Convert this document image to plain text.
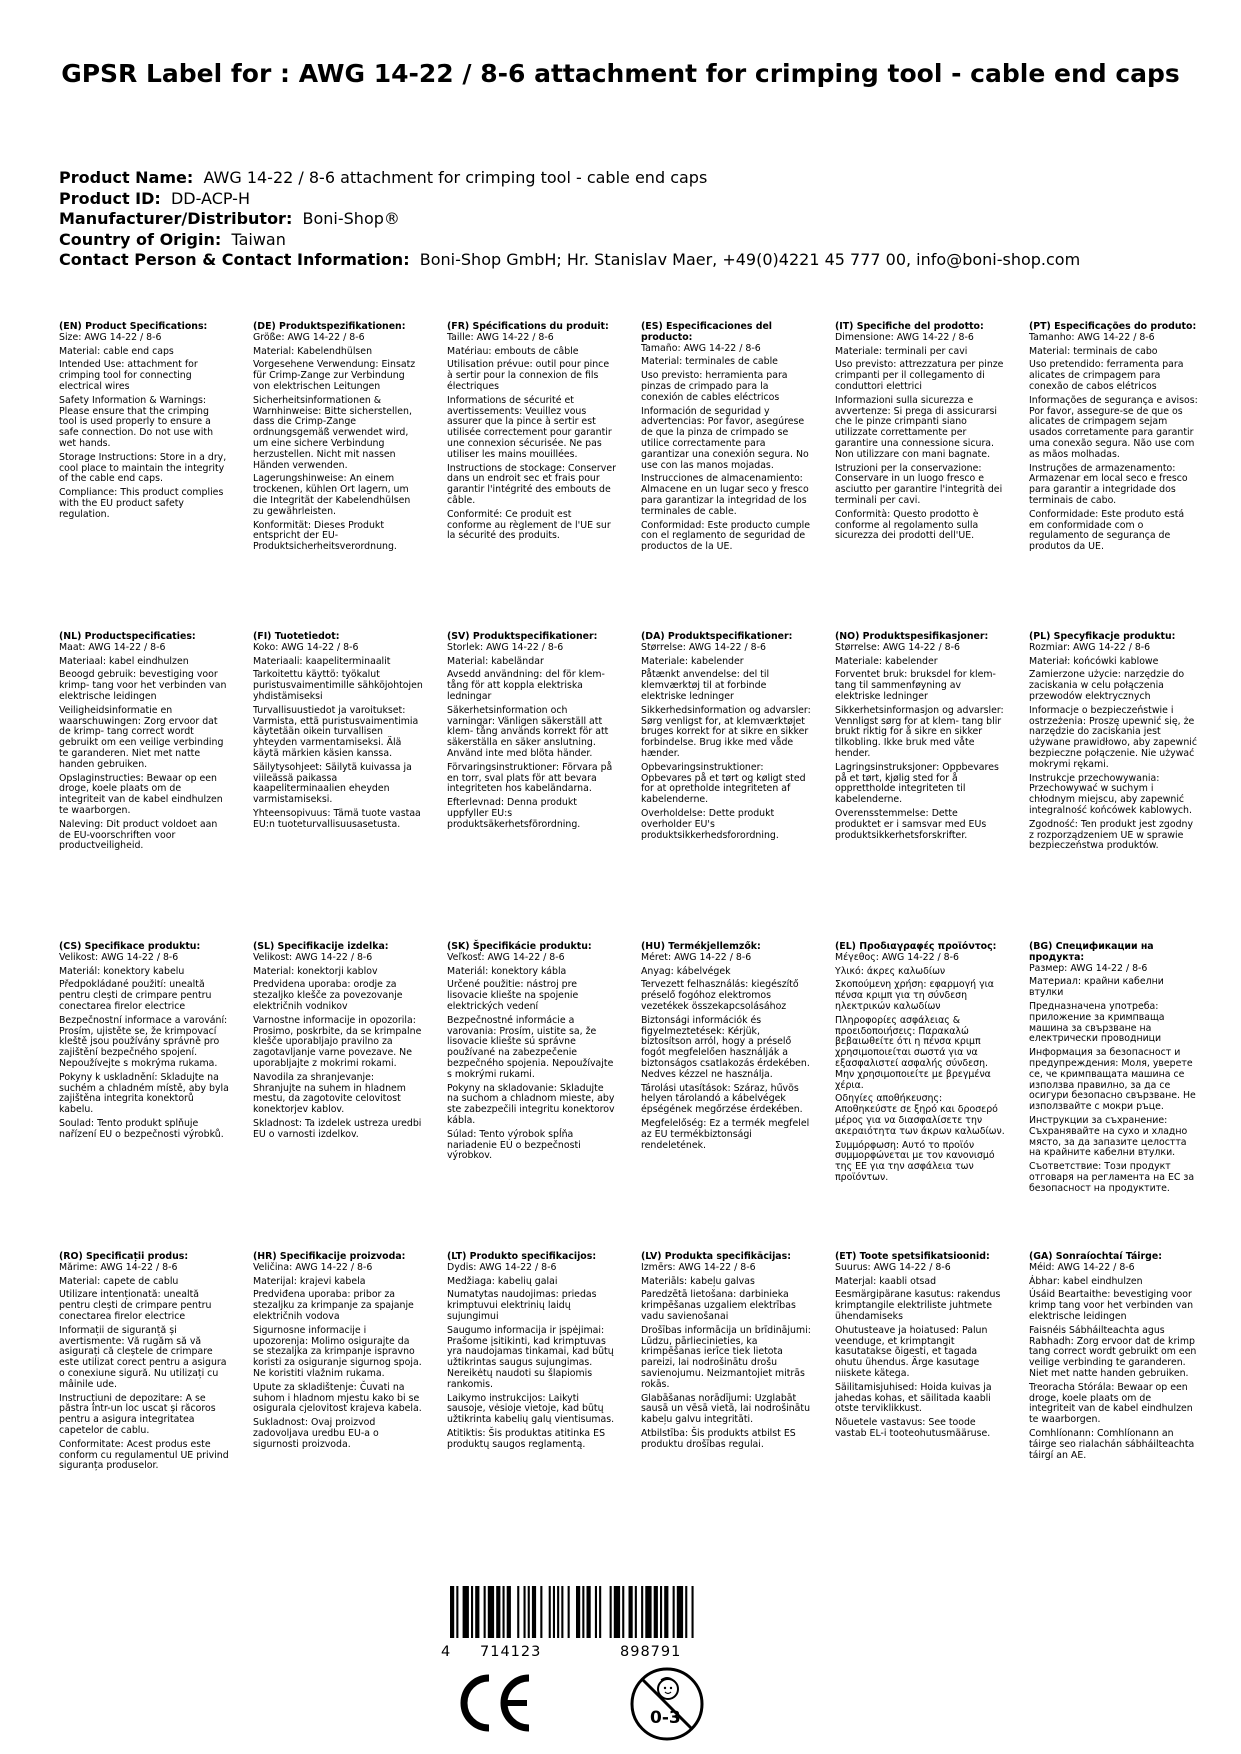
GPSR Label for : AWG 14-22 / 8-6 attachment for crimping tool - cable end caps
Product Name: AWG 14-22 / 8-6 attachment for crimping tool - cable end caps
Product ID: DD-ACP-H
Manufacturer/Distributor: Boni-Shop®
Country of Origin: Taiwan
Contact Person & Contact Information: Boni-Shop GmbH; Hr. Stanislav Maer, +49(0)4221 45 777 00, info@boni-shop.com
(EN) Product Specifications:

Size: AWG 14-22 / 8-6

Material: cable end caps

Intended Use: attachment for crimping tool for connecting electrical wires

Safety Information & Warnings: Please ensure that the crimping tool is used properly to ensure a safe connection. Do not use with wet hands.

Storage Instructions: Store in a dry, cool place to maintain the integrity of the cable end caps.

Compliance: This product complies with the EU product safety regulation.

(DE) Produktspezifikationen:

Größe: AWG 14-22 / 8-6

Material: Kabelendhülsen

Vorgesehene Verwendung: Einsatz für Crimp-Zange zur Verbindung von elektrischen Leitungen

Sicherheitsinformationen & Warnhinweise: Bitte sicherstellen, dass die Crimp-Zange ordnungsgemäß verwendet wird, um eine sichere Verbindung herzustellen. Nicht mit nassen Händen verwenden.

Lagerungshinweise: An einem trockenen, kühlen Ort lagern, um die Integrität der Kabelendhülsen zu gewährleisten.

Konformität: Dieses Produkt entspricht der EU-Produktsicherheitsverordnung.

(FR) Spécifications du produit:

Taille: AWG 14-22 / 8-6

Matériau: embouts de câble

Utilisation prévue: outil pour pince à sertir pour la connexion de fils électriques

Informations de sécurité et avertissements: Veuillez vous assurer que la pince à sertir est utilisée correctement pour garantir une connexion sécurisée. Ne pas utiliser les mains mouillées.

Instructions de stockage: Conserver dans un endroit sec et frais pour garantir l'intégrité des embouts de câble.

Conformité: Ce produit est conforme au règlement de l'UE sur la sécurité des produits.

(ES) Especificaciones del producto:

Tamaño: AWG 14-22 / 8-6

Material: terminales de cable

Uso previsto: herramienta para pinzas de crimpado para la conexión de cables eléctricos

Información de seguridad y advertencias: Por favor, asegúrese de que la pinza de crimpado se utilice correctamente para garantizar una conexión segura. No use con las manos mojadas.

Instrucciones de almacenamiento: Almacene en un lugar seco y fresco para garantizar la integridad de los terminales de cable.

Conformidad: Este producto cumple con el reglamento de seguridad de productos de la UE.

(IT) Specifiche del prodotto:

Dimensione: AWG 14-22 / 8-6

Materiale: terminali per cavi

Uso previsto: attrezzatura per pinze crimpanti per il collegamento di conduttori elettrici

Informazioni sulla sicurezza e avvertenze: Si prega di assicurarsi che le pinze crimpanti siano utilizzate correttamente per garantire una connessione sicura. Non utilizzare con mani bagnate.

Istruzioni per la conservazione: Conservare in un luogo fresco e asciutto per garantire l'integrità dei terminali per cavi.

Conformità: Questo prodotto è conforme al regolamento sulla sicurezza dei prodotti dell'UE.

(PT) Especificações do produto:

Tamanho: AWG 14-22 / 8-6

Material: terminais de cabo

Uso pretendido: ferramenta para alicates de crimpagem para conexão de cabos elétricos

Informações de segurança e avisos: Por favor, assegure-se de que os alicates de crimpagem sejam usados corretamente para garantir uma conexão segura. Não use com as mãos molhadas.

Instruções de armazenamento: Armazenar em local seco e fresco para garantir a integridade dos terminais de cabo.

Conformidade: Este produto está em conformidade com o regulamento de segurança de produtos da UE.

(NL) Productspecificaties:

Maat: AWG 14-22 / 8-6

Materiaal: kabel eindhulzen

Beoogd gebruik: bevestiging voor krimp- tang voor het verbinden van elektrische leidingen

Veiligheidsinformatie en waarschuwingen: Zorg ervoor dat de krimp- tang correct wordt gebruikt om een veilige verbinding te garanderen. Niet met natte handen gebruiken.

Opslaginstructies: Bewaar op een droge, koele plaats om de integriteit van de kabel eindhulzen te waarborgen.

Naleving: Dit product voldoet aan de EU-voorschriften voor productveiligheid.

(FI) Tuotetiedot:

Koko: AWG 14-22 / 8-6

Materiaali: kaapeliterminaalit

Tarkoitettu käyttö: työkalut puristusvaimentimille sähköjohtojen yhdistämiseksi

Turvallisuustiedot ja varoitukset: Varmista, että puristusvaimentimia käytetään oikein turvallisen yhteyden varmentamiseksi. Älä käytä märkien käsien kanssa.

Säilytysohjeet: Säilytä kuivassa ja viileässä paikassa kaapeliterminaalien eheyden varmistamiseksi.

Yhteensopivuus: Tämä tuote vastaa EU:n tuoteturvallisuusasetusta.

(SV) Produktspecifikationer:

Storlek: AWG 14-22 / 8-6

Material: kabeländar

Avsedd användning: del för klem- tång för att koppla elektriska ledningar

Säkerhetsinformation och varningar: Vänligen säkerställ att klem- tång används korrekt för att säkerställa en säker anslutning. Använd inte med blöta händer.

Förvaringsinstruktioner: Förvara på en torr, sval plats för att bevara integriteten hos kabeländarna.

Efterlevnad: Denna produkt uppfyller EU:s produktsäkerhetsförordning.

(DA) Produktspecifikationer:

Størrelse: AWG 14-22 / 8-6

Materiale: kabelender

Påtænkt anvendelse: del til klemværktøj til at forbinde elektriske ledninger

Sikkerhedsinformation og advarsler: Sørg venligst for, at klemværktøjet bruges korrekt for at sikre en sikker forbindelse. Brug ikke med våde hænder.

Opbevaringsinstruktioner: Opbevares på et tørt og køligt sted for at opretholde integriteten af kabelenderne.

Overholdelse: Dette produkt overholder EU's produktsikkerhedsforordning.

(NO) Produktspesifikasjoner:

Størrelse: AWG 14-22 / 8-6

Materiale: kabelender

Forventet bruk: bruksdel for klem- tang til sammenføyning av elektriske ledninger

Sikkerhetsinformasjon og advarsler: Vennligst sørg for at klem- tang blir brukt riktig for å sikre en sikker tilkobling. Ikke bruk med våte hender.

Lagringsinstruksjoner: Oppbevares på et tørt, kjølig sted for å opprettholde integriteten til kabelenderne.

Overensstemmelse: Dette produktet er i samsvar med EUs produktsikkerhetsforskrifter.

(PL) Specyfikacje produktu:

Rozmiar: AWG 14-22 / 8-6

Materiał: końcówki kablowe

Zamierzone użycie: narzędzie do zaciskania w celu połączenia przewodów elektrycznych

Informacje o bezpieczeństwie i ostrzeżenia: Proszę upewnić się, że narzędzie do zaciskania jest używane prawidłowo, aby zapewnić bezpieczne połączenie. Nie używać mokrymi rękami.

Instrukcje przechowywania: Przechowywać w suchym i chłodnym miejscu, aby zapewnić integralność końcówek kablowych.

Zgodność: Ten produkt jest zgodny z rozporządzeniem UE w sprawie bezpieczeństwa produktów.

(CS) Specifikace produktu:

Velikost: AWG 14-22 / 8-6

Materiál: konektory kabelu

Předpokládané použití: unealtă pentru clești de crimpare pentru conectarea firelor electrice

Bezpečnostní informace a varování: Prosím, ujistěte se, že krimpovací kleště jsou používány správně pro zajištění bezpečného spojení. Nepoužívejte s mokrýma rukama.

Pokyny k uskladnění: Skladujte na suchém a chladném místě, aby byla zajištěna integrita konektorů kabelu.

Soulad: Tento produkt splňuje nařízení EU o bezpečnosti výrobků.

(SL) Specifikacije izdelka:

Velikost: AWG 14-22 / 8-6

Material: konektorji kablov

Predvidena uporaba: orodje za stezaljko klešče za povezovanje električnih vodnikov

Varnostne informacije in opozorila: Prosimo, poskrbite, da se krimpalne klešče uporabljajo pravilno za zagotavljanje varne povezave. Ne uporabljajte z mokrimi rokami.

Navodila za shranjevanje: Shranjujte na suhem in hladnem mestu, da zagotovite celovitost konektorjev kablov.

Skladnost: Ta izdelek ustreza uredbi EU o varnosti izdelkov.

(SK) Špecifikácie produktu:

Veľkosť: AWG 14-22 / 8-6

Materiál: konektory kábla

Určené použitie: nástroj pre lisovacie kliešte na spojenie elektrických vedení

Bezpečnostné informácie a varovania: Prosím, uistite sa, že lisovacie kliešte sú správne používané na zabezpečenie bezpečného spojenia. Nepoužívajte s mokrými rukami.

Pokyny na skladovanie: Skladujte na suchom a chladnom mieste, aby ste zabezpečili integritu konektorov kábla.

Súlad: Tento výrobok spĺňa nariadenie EÚ o bezpečnosti výrobkov.

(HU) Termékjellemzők:

Méret: AWG 14-22 / 8-6

Anyag: kábelvégek

Tervezett felhasználás: kiegészítő préselő fogóhoz elektromos vezetékek összekapcsolásához

Biztonsági információk és figyelmeztetések: Kérjük, biztosítson arról, hogy a préselő fogót megfelelően használják a biztonságos csatlakozás érdekében. Nedves kézzel ne használja.

Tárolási utasítások: Száraz, hűvös helyen tárolandó a kábelvégek épségének megőrzése érdekében.

Megfelelőség: Ez a termék megfelel az EU termékbiztonsági rendeletének.

(EL) Προδιαγραφές προϊόντος:

Μέγεθος: AWG 14-22 / 8-6

Υλικό: άκρες καλωδίων

Σκοπούμενη χρήση: εφαρμογή για πένσα κριμπ για τη σύνδεση ηλεκτρικών καλωδίων

Πληροφορίες ασφάλειας & προειδοποιήσεις: Παρακαλώ βεβαιωθείτε ότι η πένσα κριμπ χρησιμοποιείται σωστά για να εξασφαλιστεί ασφαλής σύνδεση. Μην χρησιμοποιείτε με βρεγμένα χέρια.

Οδηγίες αποθήκευσης: Αποθηκεύστε σε ξηρό και δροσερό μέρος για να διασφαλίσετε την ακεραιότητα των άκρων καλωδίων.

Συμμόρφωση: Αυτό το προϊόν συμμορφώνεται με τον κανονισμό της ΕΕ για την ασφάλεια των προϊόντων.

(BG) Спецификации на продукта:

Размер: AWG 14-22 / 8-6

Материал: крайни кабелни втулки

Предназначена употреба: приложение за кримпваща машина за свързване на електрически проводници

Информация за безопасност и предупреждения: Моля, уверете се, че кримпващата машина се използва правилно, за да се осигури безопасно свързване. Не използвайте с мокри ръце.

Инструкции за съхранение: Съхранявайте на сухо и хладно място, за да запазите целостта на крайните кабелни втулки.

Съответствие: Този продукт отговаря на регламента на ЕС за безопасност на продуктите.

(RO) Specificații produs:

Mărime: AWG 14-22 / 8-6

Material: capete de cablu

Utilizare intenționată: unealtă pentru clești de crimpare pentru conectarea firelor electrice

Informații de siguranță și avertismente: Vă rugăm să vă asigurați că cleștele de crimpare este utilizat corect pentru a asigura o conexiune sigură. Nu utilizați cu mâinile ude.

Instrucțiuni de depozitare: A se păstra într-un loc uscat și răcoros pentru a asigura integritatea capetelor de cablu.

Conformitate: Acest produs este conform cu regulamentul UE privind siguranța produselor.

(HR) Specifikacije proizvoda:

Veličina: AWG 14-22 / 8-6

Materijal: krajevi kabela

Predviđena uporaba: pribor za stezaljku za krimpanje za spajanje električnih vodova

Sigurnosne informacije i upozorenja: Molimo osigurajte da se stezaljka za krimpanje ispravno koristi za osiguranje sigurnog spoja. Ne koristiti vlažnim rukama.

Upute za skladištenje: Čuvati na suhom i hladnom mjestu kako bi se osigurala cjelovitost krajeva kabela.

Sukladnost: Ovaj proizvod zadovoljava uredbu EU-a o sigurnosti proizvoda.

(LT) Produkto specifikacijos:

Dydis: AWG 14-22 / 8-6

Medžiaga: kabelių galai

Numatytas naudojimas: priedas krimptuvui elektrinių laidų sujungimui

Saugumo informacija ir įspėjimai: Prašome įsitikinti, kad krimptuvas yra naudojamas tinkamai, kad būtų užtikrintas saugus sujungimas. Nereikėtų naudoti su šlapiomis rankomis.

Laikymo instrukcijos: Laikyti sausoje, vėsioje vietoje, kad būtų užtikrinta kabelių galų vientisumas.

Atitiktis: Šis produktas atitinka ES produktų saugos reglamentą.

(LV) Produkta specifikācijas:

Izmērs: AWG 14-22 / 8-6

Materiāls: kabeļu galvas

Paredzētā lietošana: darbinieka krimpēšanas uzgaliem elektrības vadu savienošanai

Drošības informācija un brīdinājumi: Lūdzu, pārliecinieties, ka krimpēšanas ierīce tiek lietota pareizi, lai nodrošinātu drošu savienojumu. Neizmantojiet mitrās rokās.

Glabāšanas norādījumi: Uzglabāt sausā un vēsā vietā, lai nodrošinātu kabeļu galvu integritāti.

Atbilstība: Šis produkts atbilst ES produktu drošības regulai.

(ET) Toote spetsifikatsioonid:

Suurus: AWG 14-22 / 8-6

Materjal: kaabli otsad

Eesmärgipärane kasutus: rakendus krimptangile elektriliste juhtmete ühendamiseks

Ohutusteave ja hoiatused: Palun veenduge, et krimptangit kasutatakse õigesti, et tagada ohutu ühendus. Ärge kasutage niiskete kätega.

Säilitamisjuhised: Hoida kuivas ja jahedas kohas, et säilitada kaabli otste terviklikkust.

Nõuetele vastavus: See toode vastab EL-i tooteohutusmääruse.

(GA) Sonraíochtaí Táirge:

Méid: AWG 14-22 / 8-6

Ábhar: kabel eindhulzen

Úsáid Beartaithe: bevestiging voor krimp tang voor het verbinden van elektrische leidingen

Faisnéis Sábháilteachta agus Rabhadh: Zorg ervoor dat de krimp tang correct wordt gebruikt om een veilige verbinding te garanderen. Niet met natte handen gebruiken.

Treoracha Stórála: Bewaar op een droge, koele plaats om de integriteit van de kabel eindhulzen te waarborgen.

Comhlíonann: Comhlíonann an táirge seo rialachán sábháilteachta táirgí an AE.

4 714123	898791
0-3
